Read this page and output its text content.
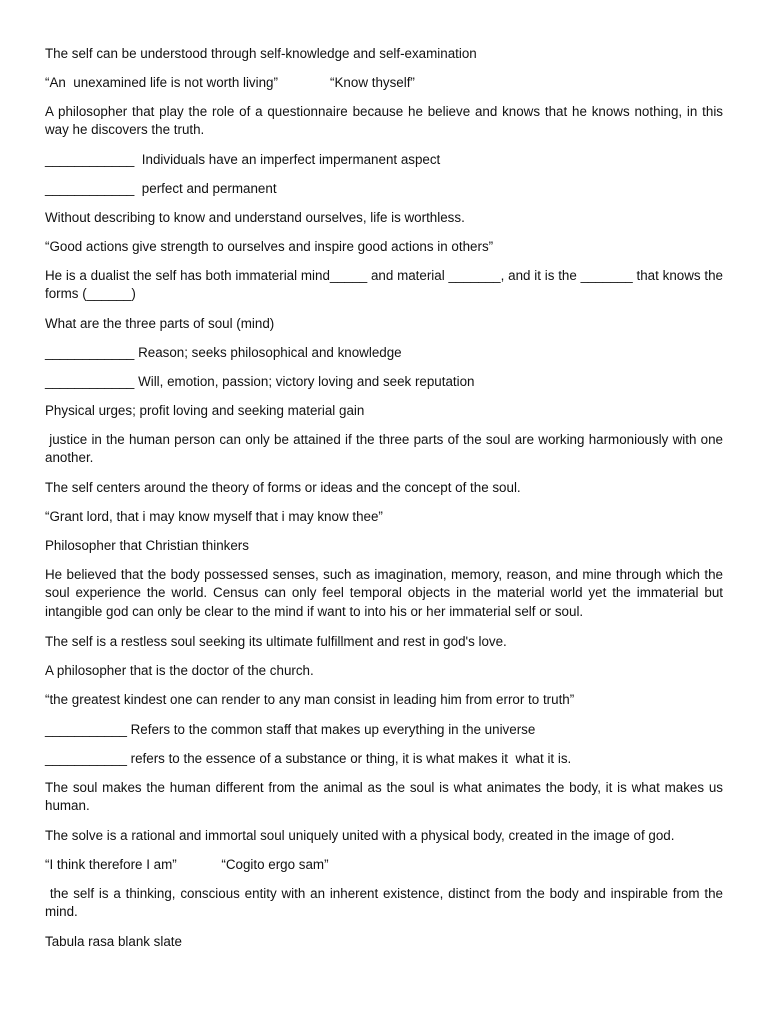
The self can be understood through self-knowledge and self-examination

“An  unexamined life is not worth living”              “Know thyself”

A philosopher that play the role of a questionnaire because he believe and knows that he knows nothing, in this way he discovers the truth.

____________  Individuals have an imperfect impermanent aspect

____________  perfect and permanent

Without describing to know and understand ourselves, life is worthless.

“Good actions give strength to ourselves and inspire good actions in others”

He is a dualist the self has both immaterial mind_____ and material _______, and it is the _______ that knows the forms (______)

What are the three parts of soul (mind)

____________ Reason; seeks philosophical and knowledge

____________ Will, emotion, passion; victory loving and seek reputation

Physical urges; profit loving and seeking material gain

justice in the human person can only be attained if the three parts of the soul are working harmoniously with one another.

The self centers around the theory of forms or ideas and the concept of the soul.

“Grant lord, that i may know myself that i may know thee”

Philosopher that Christian thinkers

He believed that the body possessed senses, such as imagination, memory, reason, and mine through which the soul experience the world. Census can only feel temporal objects in the material world yet the immaterial but intangible god can only be clear to the mind if want to into his or her immaterial self or soul.

The self is a restless soul seeking its ultimate fulfillment and rest in god's love.

A philosopher that is the doctor of the church.

“the greatest kindest one can render to any man consist in leading him from error to truth”

___________ Refers to the common staff that makes up everything in the universe

___________ refers to the essence of a substance or thing, it is what makes it  what it is.

The soul makes the human different from the animal as the soul is what animates the body, it is what makes us human.

The solve is a rational and immortal soul uniquely united with a physical body, created in the image of god.

“I think therefore I am”            “Cogito ergo sam”

the self is a thinking, conscious entity with an inherent existence, distinct from the body and inspirable from the mind.

Tabula rasa blank slate
